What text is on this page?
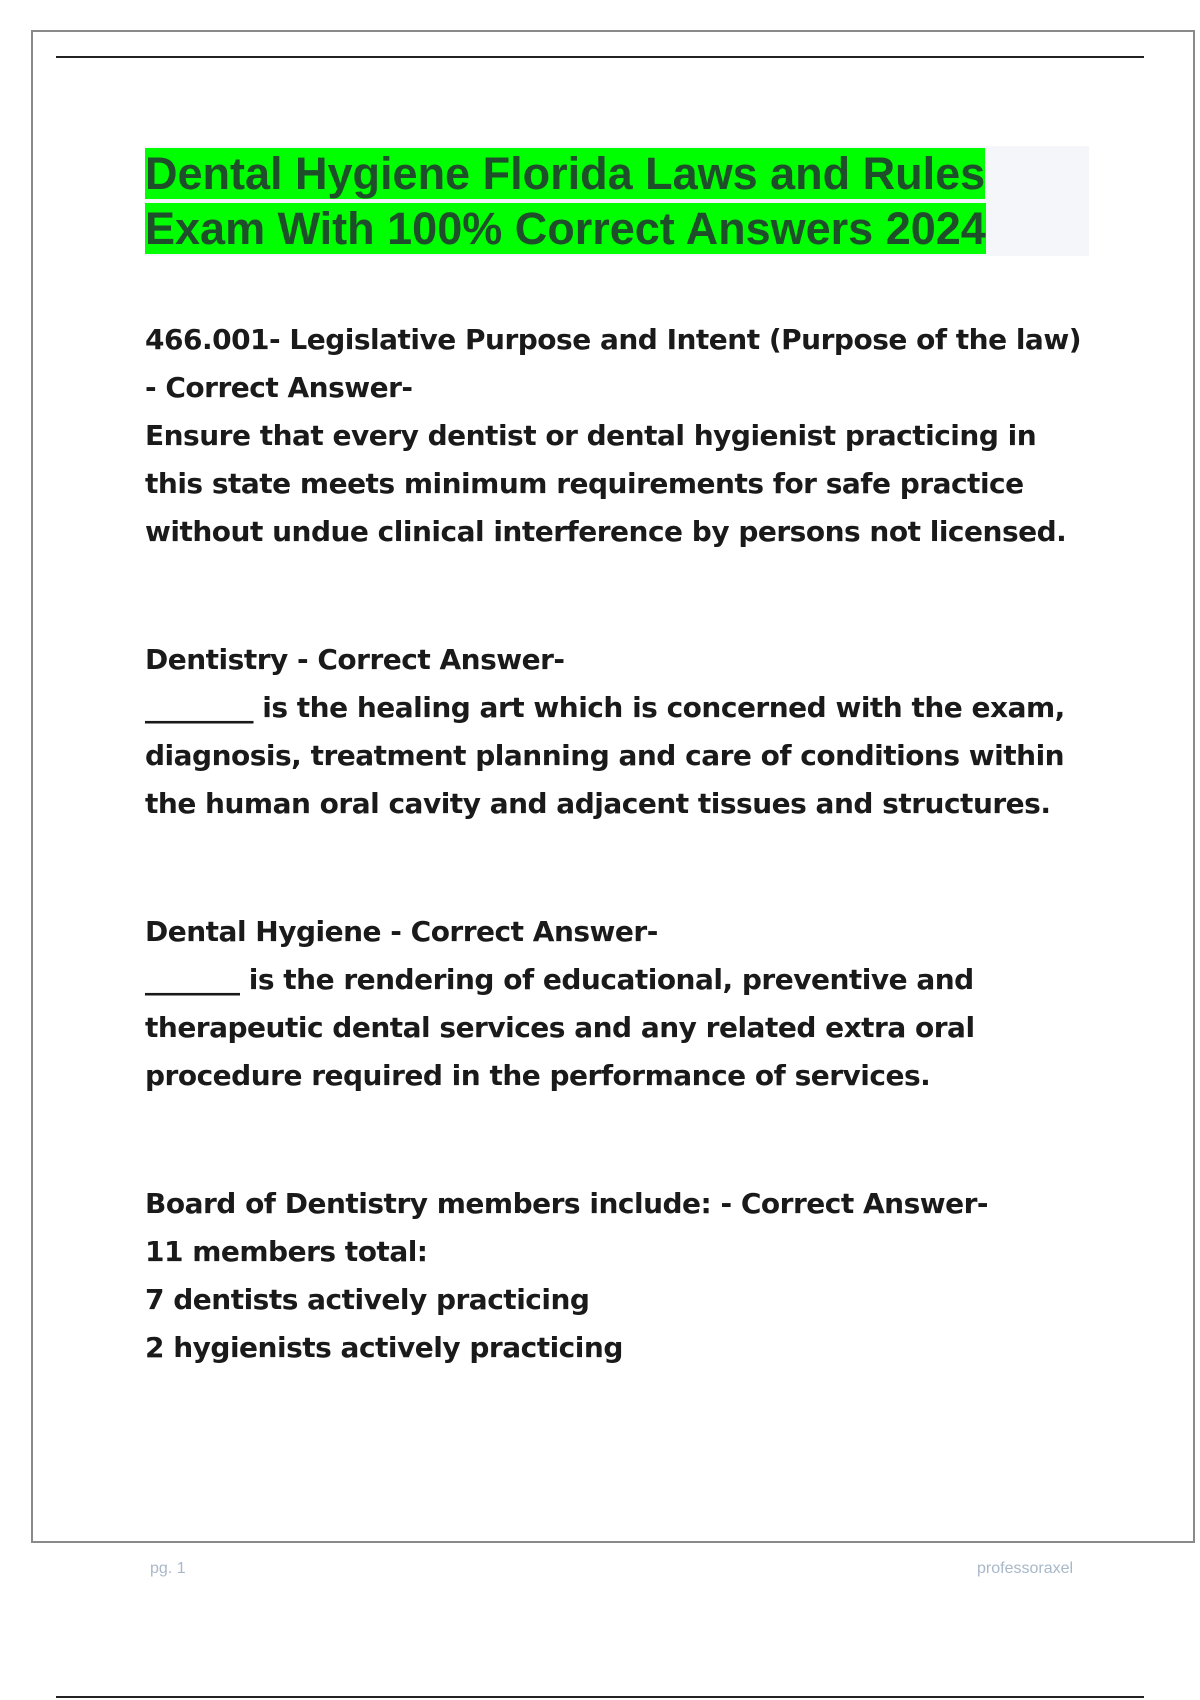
Dental Hygiene Florida Laws and Rules Exam With 100% Correct Answers 2024

466.001- Legislative Purpose and Intent (Purpose of the law) - Correct Answer-

Ensure that every dentist or dental hygienist practicing in this state meets minimum requirements for safe practice without undue clinical interference by persons not licensed.

Dentistry - Correct Answer-

________ is the healing art which is concerned with the exam, diagnosis, treatment planning and care of conditions within the human oral cavity and adjacent tissues and structures.

Dental Hygiene - Correct Answer-

_______ is the rendering of educational, preventive and therapeutic dental services and any related extra oral procedure required in the performance of services.

Board of Dentistry members include: - Correct Answer-

11 members total:

7 dentists actively practicing

2 hygienists actively practicing

pg. 1	professoraxel
